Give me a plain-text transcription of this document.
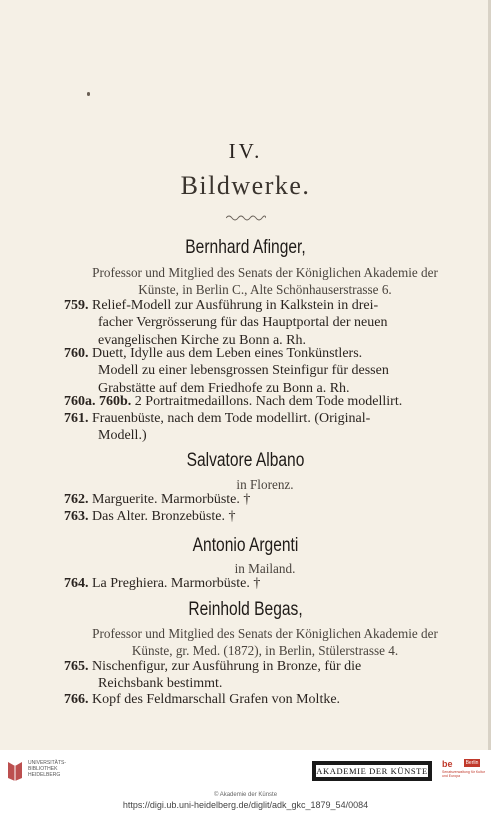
IV.
Bildwerke.
Bernhard Afinger,
Professor und Mitglied des Senats der Königlichen Akademie der
Künste, in Berlin C., Alte Schönhauserstrasse 6.
759. Relief-Modell zur Ausführung in Kalkstein in drei-
facher Vergrösserung für das Hauptportal der neuen
evangelischen Kirche zu Bonn a. Rh.
760. Duett, Idylle aus dem Leben eines Tonkünstlers.
Modell zu einer lebensgrossen Steinfigur für dessen
Grabstätte auf dem Friedhofe zu Bonn a. Rh.
760a. 760b. 2 Portraitmedaillons. Nach dem Tode modellirt.
761. Frauenbüste, nach dem Tode modellirt. (Original-
Modell.)
Salvatore Albano
in Florenz.
762. Marguerite. Marmorbüste. †
763. Das Alter. Bronzebüste. †
Antonio Argenti
in Mailand.
764. La Preghiera. Marmorbüste. †
Reinhold Begas,
Professor und Mitglied des Senats der Königlichen Akademie der
Künste, gr. Med. (1872), in Berlin, Stülerstrasse 4.
765. Nischenfigur, zur Ausführung in Bronze, für die
Reichsbank bestimmt.
766. Kopf des Feldmarschall Grafen von Moltke.
UNIVERSITÄTS-
BIBLIOTHEK
HEIDELBERG	AKADEMIE DER KÜNSTE
be	Berlin
Senatsverwaltung für Kultur und Europa
© Akademie der Künste
https://digi.ub.uni-heidelberg.de/diglit/adk_gkc_1879_54/0084
